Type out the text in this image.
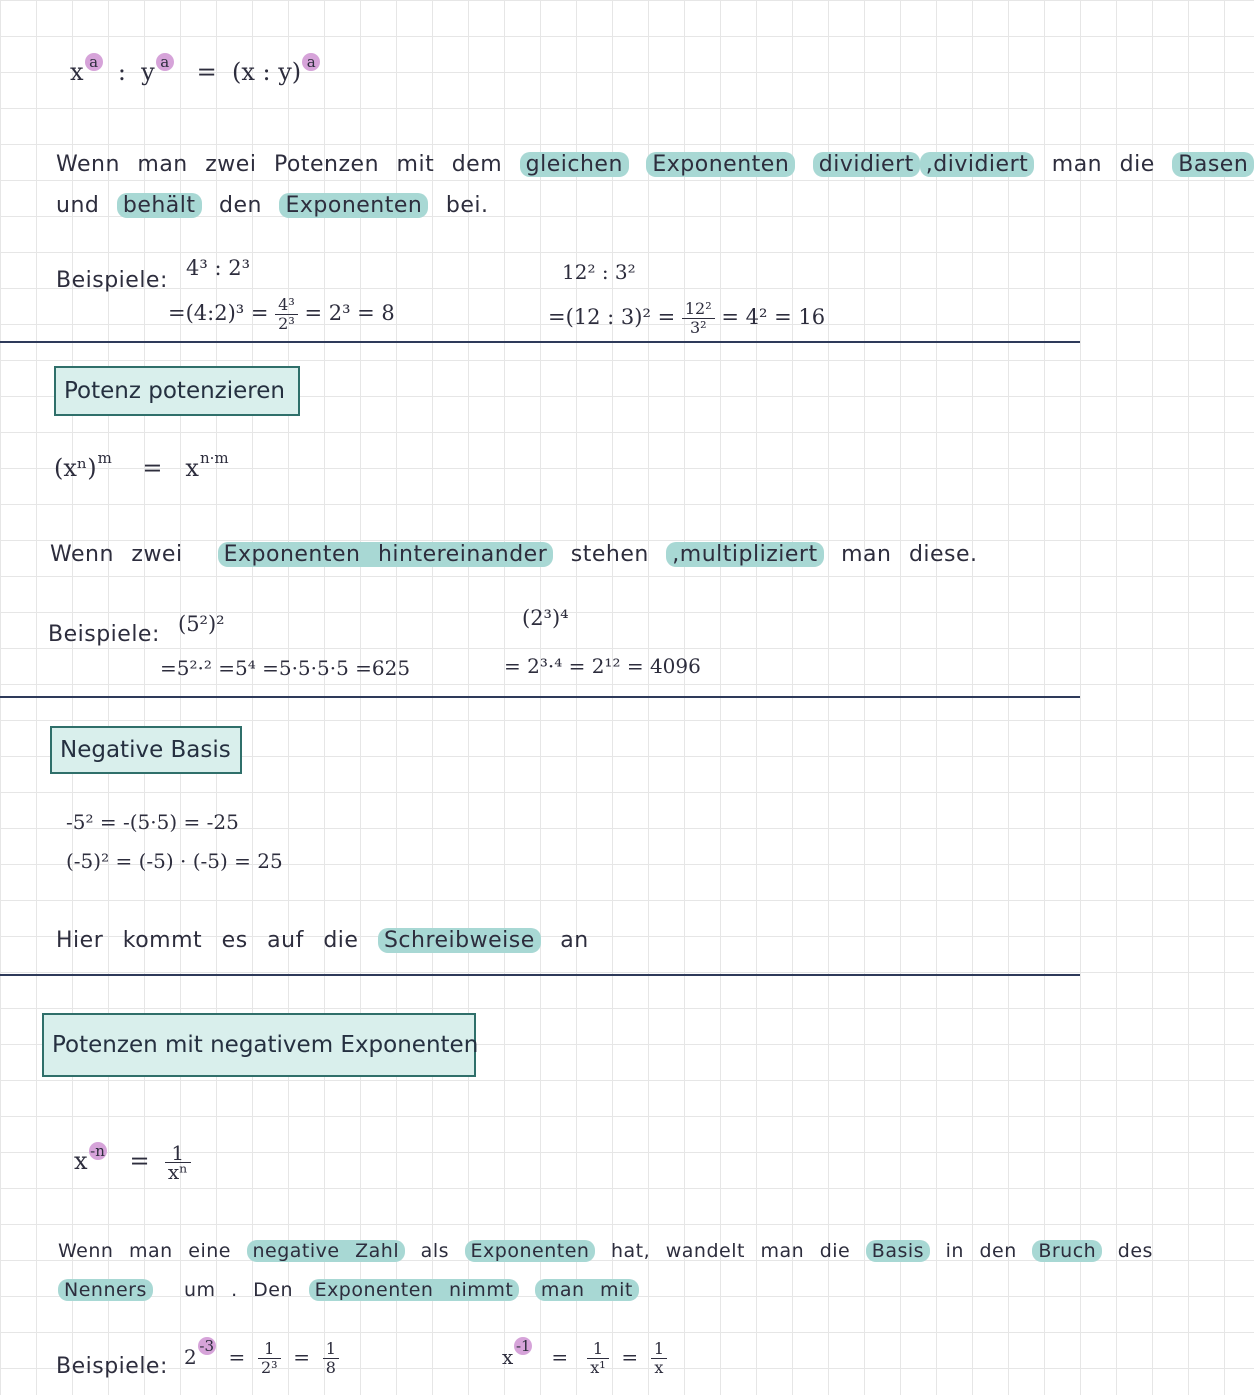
x a : y a = (x : y) a
Wenn man zwei Potenzen mit dem gleichen Exponenten dividiert ,dividiert man die Basen
und behält den Exponenten bei.
Beispiele: 4³ : 2³
=(4:2)³ = $\frac{\text{4³}}{\text{2³}} = 2^3 = 8$
12² : 3²
=(12 : $3)^2 = \frac{\text{12²}}{\text{3²}} = 4^2 = 16$
Potenz potenzieren
$(x^n)^m = x^{n\cdot m}$
Wenn zwei Exponenten hintereinander stehen ,multipliziert man diese.
Beispiele: (5²)²
=5²·² =5⁴ =5·5·5·5 =625
(2³)⁴
= 2³·⁴ = 2¹² = 4096
Negative Basis
-5² = -(5·5) = -25
(-5)² = (-5) · (-5) = 25
Hier kommt es auf die Schreibweise an
Potenzen mit negativem Exponenten
x $-n = \frac{1}{\text{xⁿ}}$
Wenn man eine negative Zahl als Exponenten hat, wandelt man die Basis in den Bruch des
Nenners um . Den Exponenten nimmt man mit
Beispiele: 2 $-3 = \frac{1}{\text{2³}} = \frac{1}{8}$	x $-1 = \frac{1}{\text{x¹}} = \frac{1}{x}$
